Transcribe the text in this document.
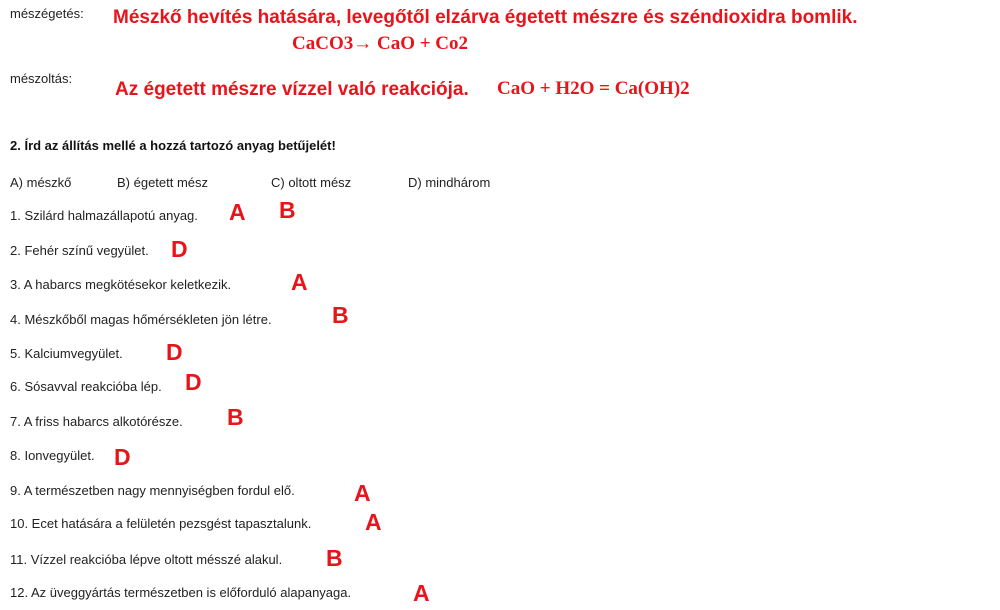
mészégetés: Mészkő hevítés hatására, levegőtől elzárva égetett mészre és széndioxidra bomlik.
CaCO3→ CaO + Co2
mészoltás:
Az égetett mészre vízzel való reakciója. CaO + H2O = Ca(OH)2
2. Írd az állítás mellé a hozzá tartozó anyag betűjelét!
A) mészkő	B) égetett mész	C) oltott mész	D) mindhárom
1. Szilárd halmazállapotú anyag. A B
2. Fehér színű vegyület. D
3. A habarcs megkötésekor keletkezik.	A
4. Mészkőből magas hőmérsékleten jön létre.	B
5. Kalciumvegyület. D
6. Sósavval reakcióba lép. D
7. A friss habarcs alkotórésze. B
8. Ionvegyület. D
9. A természetben nagy mennyiségben fordul elő.	A
10. Ecet hatására a felületén pezsgést tapasztalunk. A
11. Vízzel reakcióba lépve oltott mésszé alakul. B
12. Az üveggyártás természetben is előforduló alapanyaga.	A
